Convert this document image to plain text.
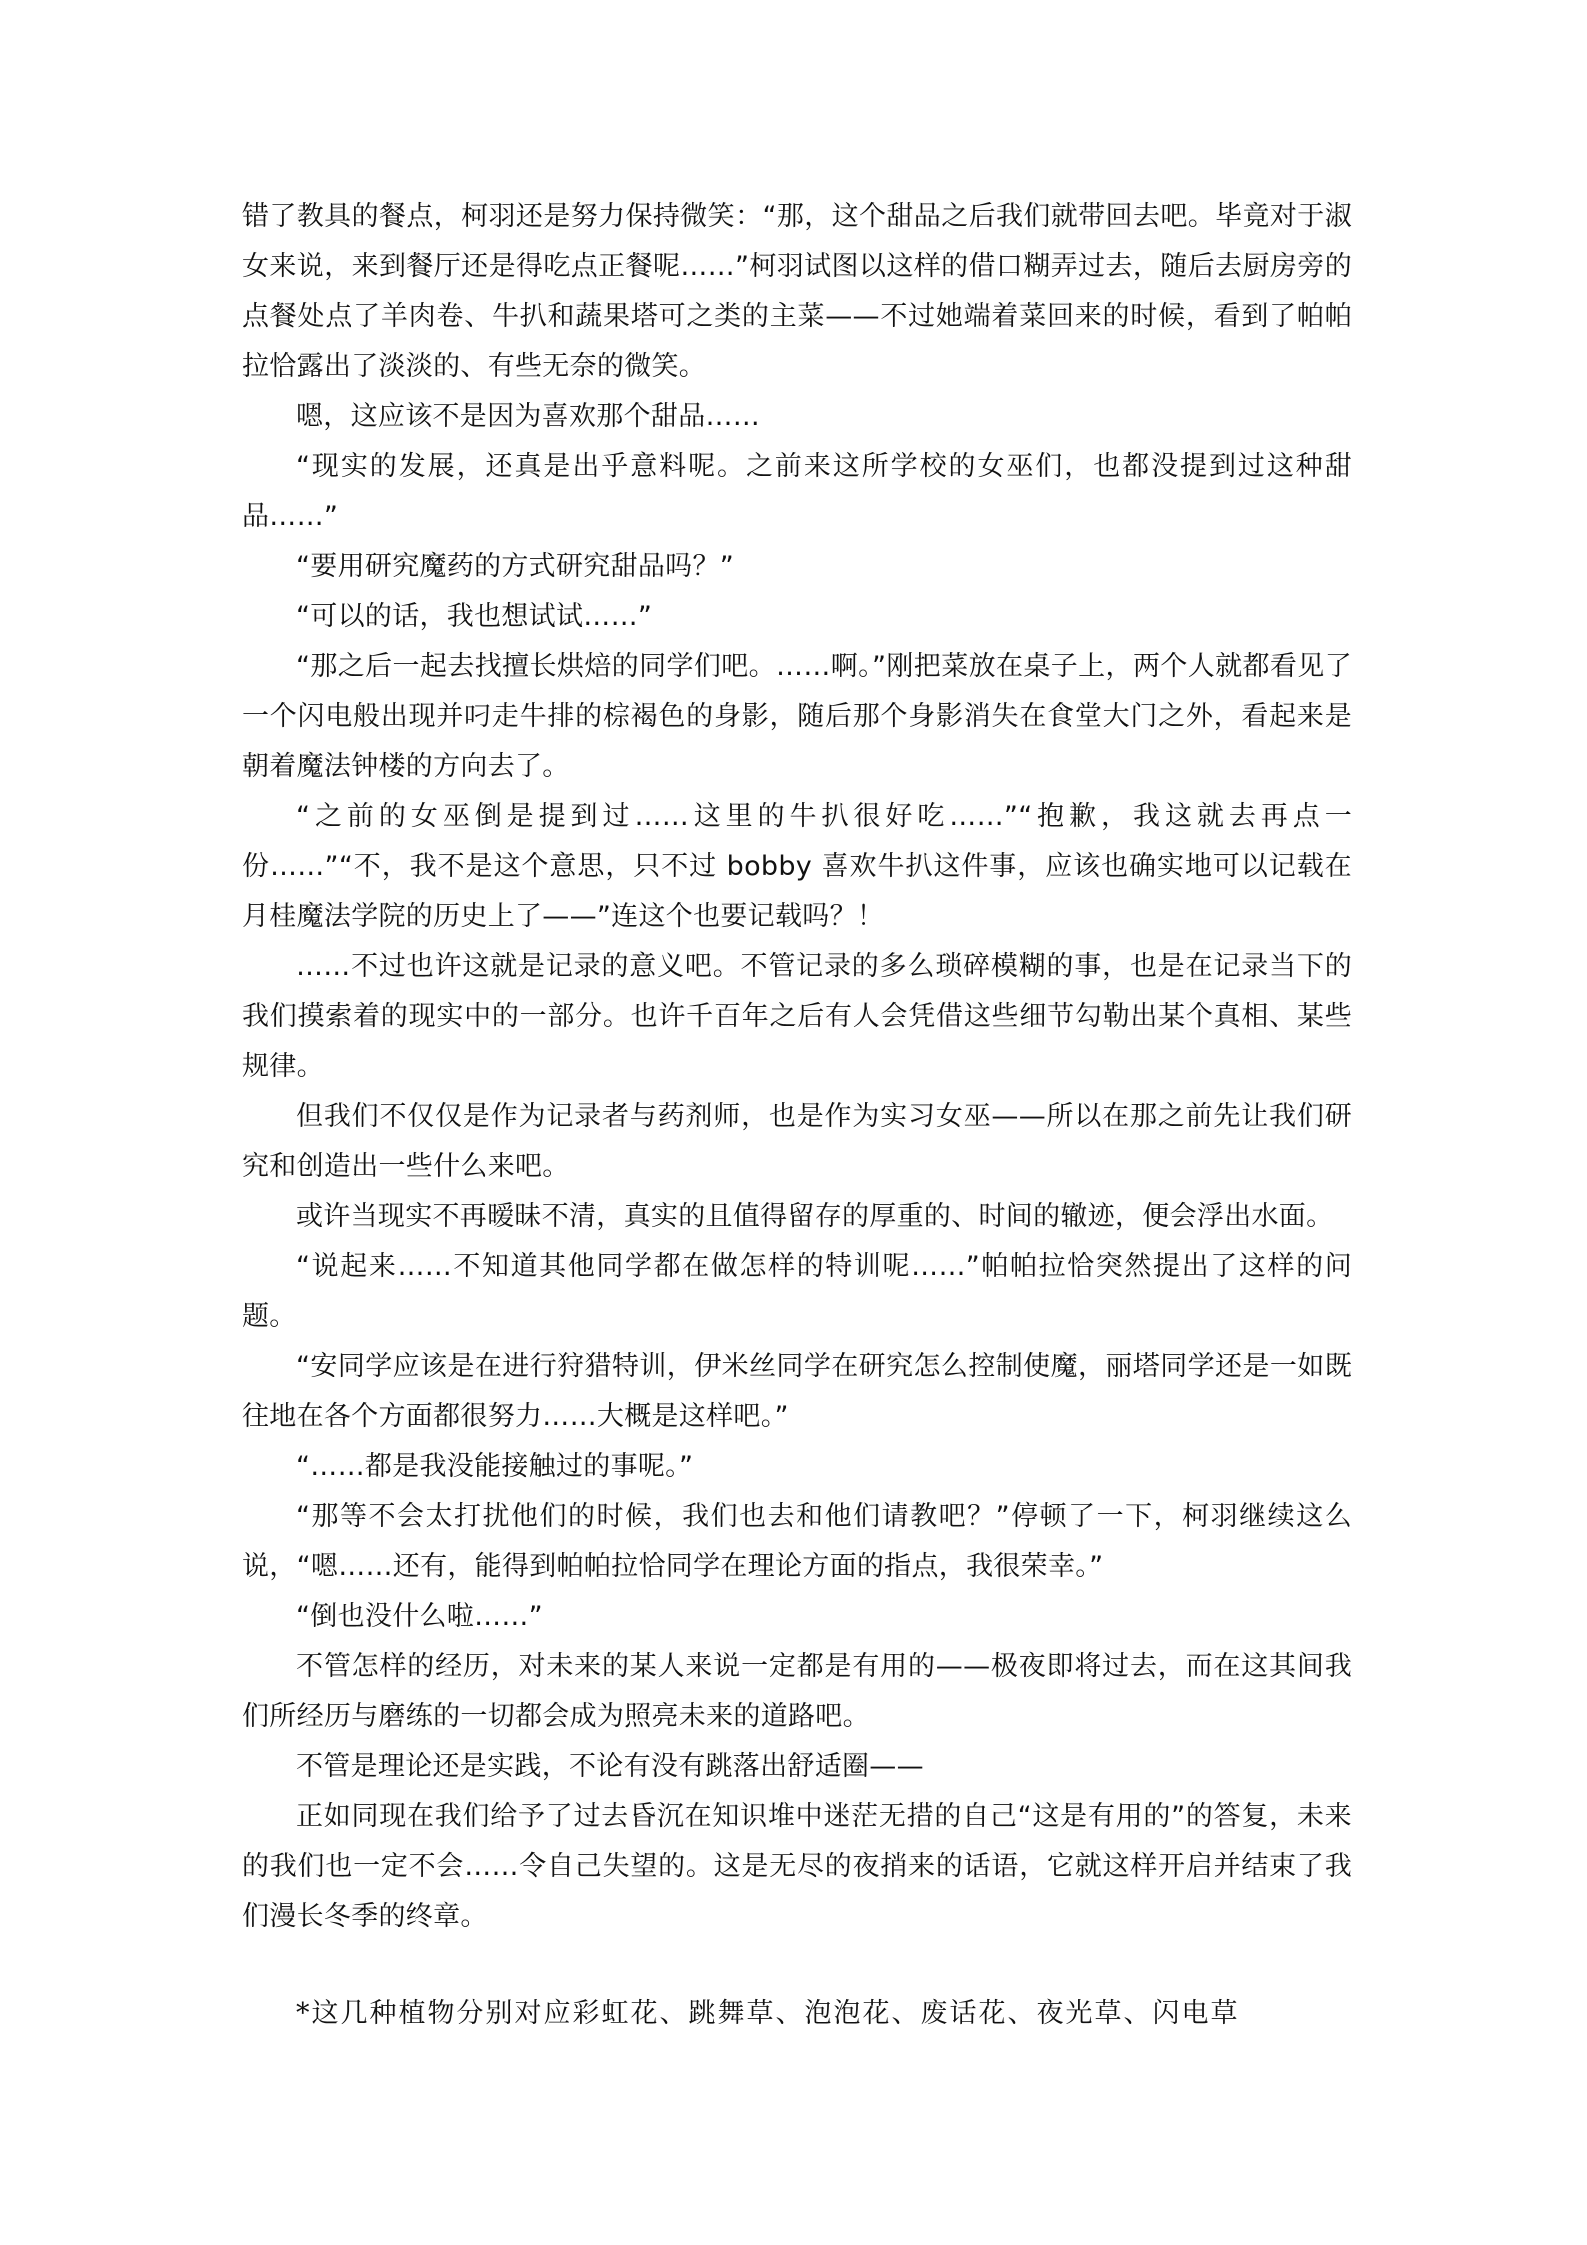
错了教具的餐点，柯羽还是努力保持微笑：“那，这个甜品之后我们就带回去吧。毕竟对于淑女来说，来到餐厅还是得吃点正餐呢……”柯羽试图以这样的借口糊弄过去，随后去厨房旁的点餐处点了羊肉卷、牛扒和蔬果塔可之类的主菜——不过她端着菜回来的时候，看到了帕帕拉恰露出了淡淡的、有些无奈的微笑。

嗯，这应该不是因为喜欢那个甜品……

“现实的发展，还真是出乎意料呢。之前来这所学校的女巫们，也都没提到过这种甜品……”

“要用研究魔药的方式研究甜品吗？”

“可以的话，我也想试试……”

“那之后一起去找擅长烘焙的同学们吧。……啊。”刚把菜放在桌子上，两个人就都看见了一个闪电般出现并叼走牛排的棕褐色的身影，随后那个身影消失在食堂大门之外，看起来是朝着魔法钟楼的方向去了。

“之前的女巫倒是提到过……这里的牛扒很好吃……”“抱歉，我这就去再点一份……”“不，我不是这个意思，只不过 bobby 喜欢牛扒这件事，应该也确实地可以记载在月桂魔法学院的历史上了——”连这个也要记载吗？！

……不过也许这就是记录的意义吧。不管记录的多么琐碎模糊的事，也是在记录当下的我们摸索着的现实中的一部分。也许千百年之后有人会凭借这些细节勾勒出某个真相、某些规律。

但我们不仅仅是作为记录者与药剂师，也是作为实习女巫——所以在那之前先让我们研究和创造出一些什么来吧。

或许当现实不再暧昧不清，真实的且值得留存的厚重的、时间的辙迹，便会浮出水面。

“说起来……不知道其他同学都在做怎样的特训呢……”帕帕拉恰突然提出了这样的问题。

“安同学应该是在进行狩猎特训，伊米丝同学在研究怎么控制使魔，丽塔同学还是一如既往地在各个方面都很努力……大概是这样吧。”

“……都是我没能接触过的事呢。”

“那等不会太打扰他们的时候，我们也去和他们请教吧？”停顿了一下，柯羽继续这么说，“嗯……还有，能得到帕帕拉恰同学在理论方面的指点，我很荣幸。”

“倒也没什么啦……”

不管怎样的经历，对未来的某人来说一定都是有用的——极夜即将过去，而在这其间我们所经历与磨练的一切都会成为照亮未来的道路吧。

不管是理论还是实践，不论有没有跳落出舒适圈——

正如同现在我们给予了过去昏沉在知识堆中迷茫无措的自己“这是有用的”的答复，未来的我们也一定不会……令自己失望的。这是无尽的夜捎来的话语，它就这样开启并结束了我们漫长冬季的终章。

*这几种植物分别对应彩虹花、跳舞草、泡泡花、废话花、夜光草、闪电草
